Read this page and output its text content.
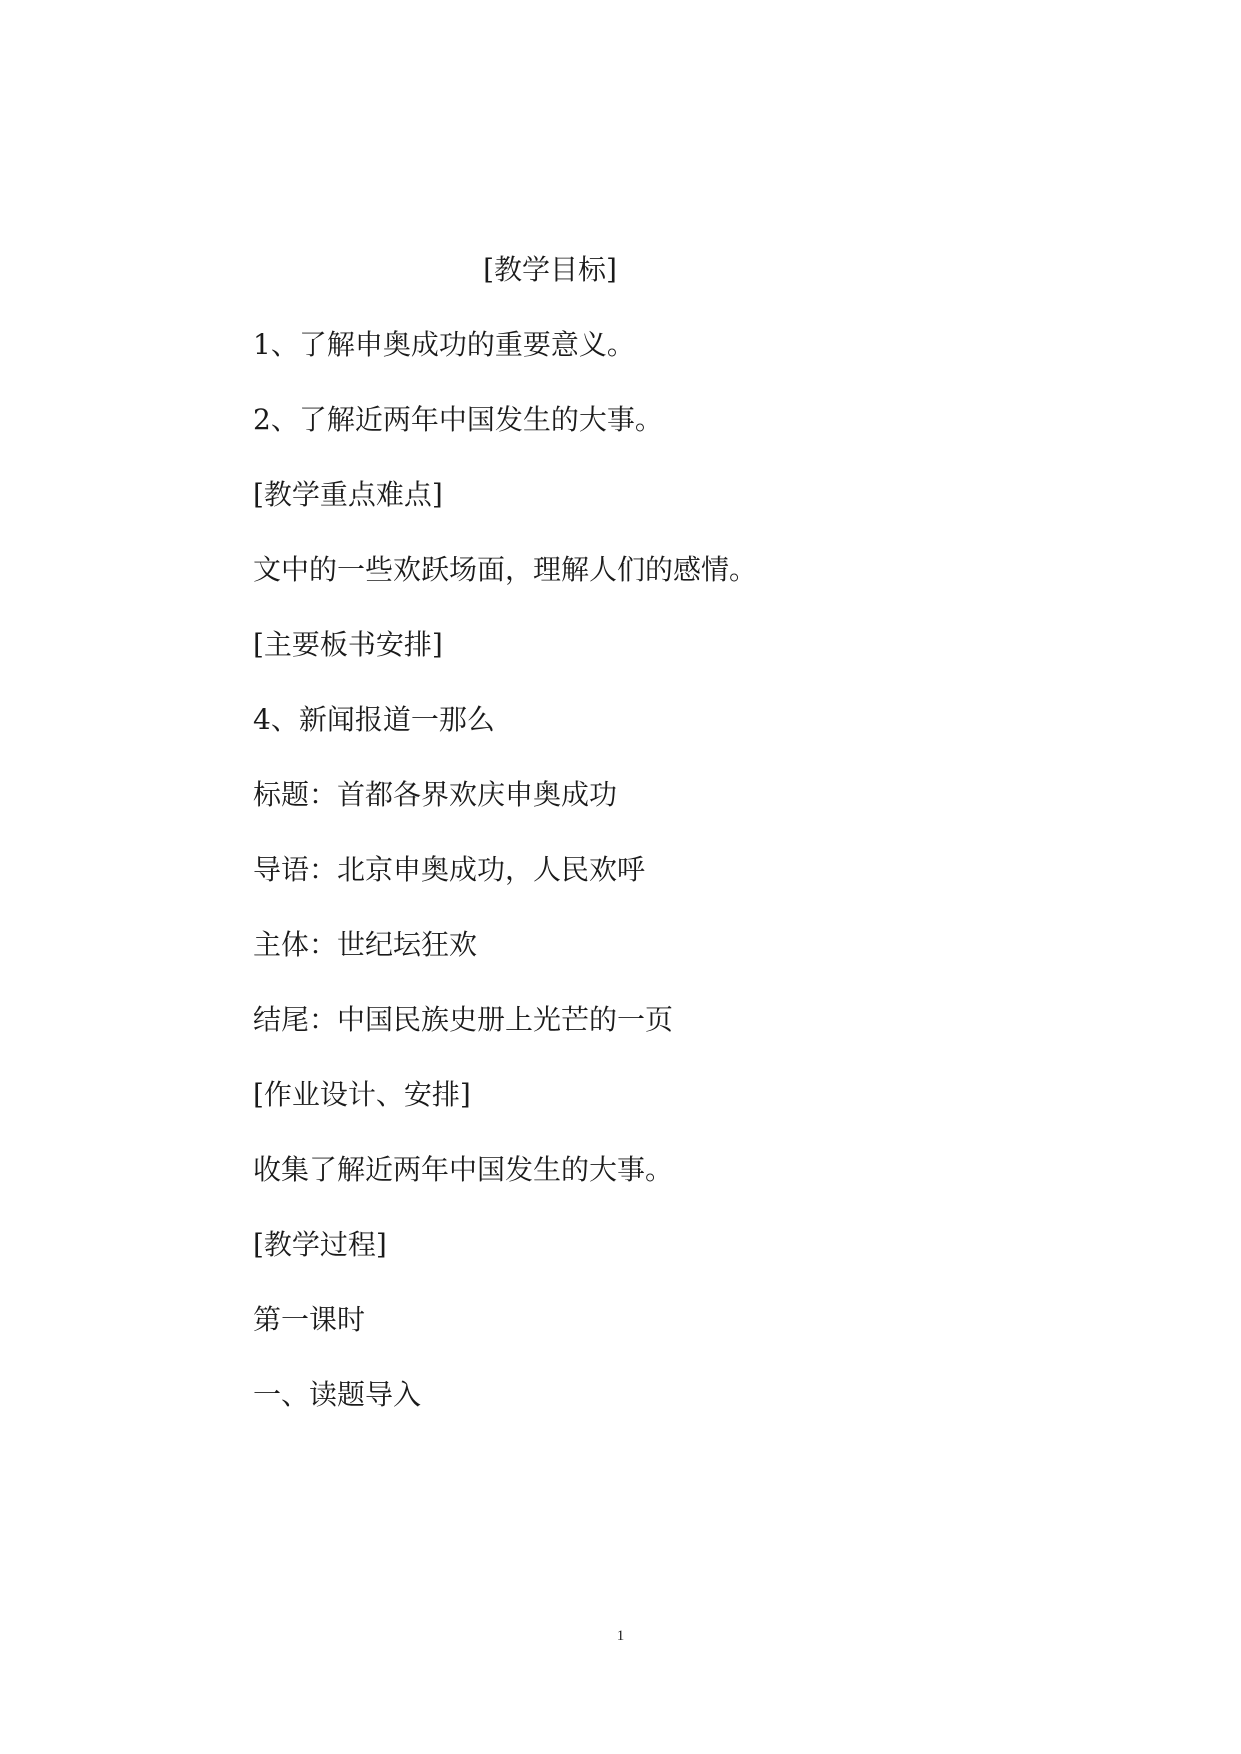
[教学目标]
1、了解申奥成功的重要意义。
2、了解近两年中国发生的大事。
[教学重点难点]
文中的一些欢跃场面，理解人们的感情。
[主要板书安排]
4、新闻报道一那么
标题：首都各界欢庆申奥成功
导语：北京申奥成功，人民欢呼
主体：世纪坛狂欢
结尾：中国民族史册上光芒的一页
[作业设计、安排]
收集了解近两年中国发生的大事。
[教学过程]
第一课时
一、读题导入
1
